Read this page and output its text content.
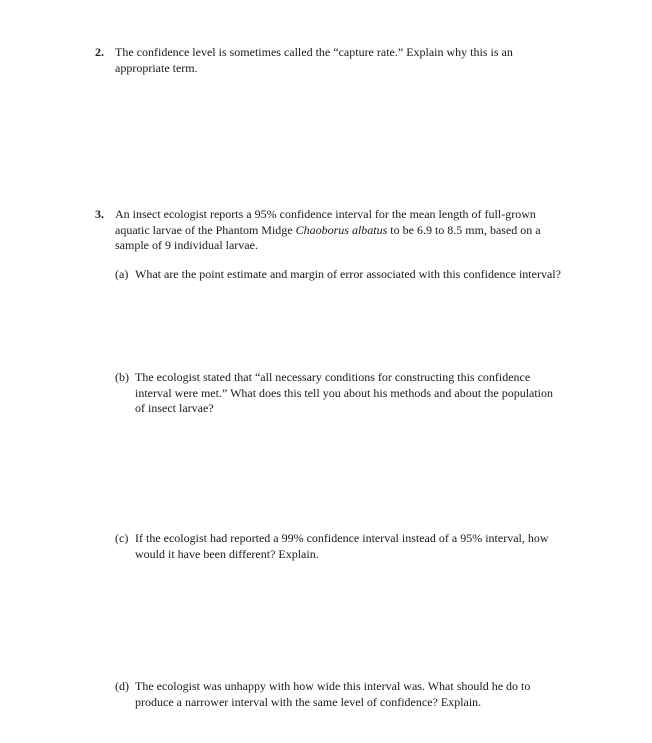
2. The confidence level is sometimes called the “capture rate.” Explain why this is an
appropriate term.
3. An insect ecologist reports a 95% confidence interval for the mean length of full-grown
aquatic larvae of the Phantom Midge Chaoborus albatus to be 6.9 to 8.5 mm, based on a
sample of 9 individual larvae.
(a) What are the point estimate and margin of error associated with this confidence interval?
(b) The ecologist stated that “all necessary conditions for constructing this confidence
interval were met.” What does this tell you about his methods and about the population
of insect larvae?
(c) If the ecologist had reported a 99% confidence interval instead of a 95% interval, how
would it have been different? Explain.
(d) The ecologist was unhappy with how wide this interval was. What should he do to
produce a narrower interval with the same level of confidence? Explain.
